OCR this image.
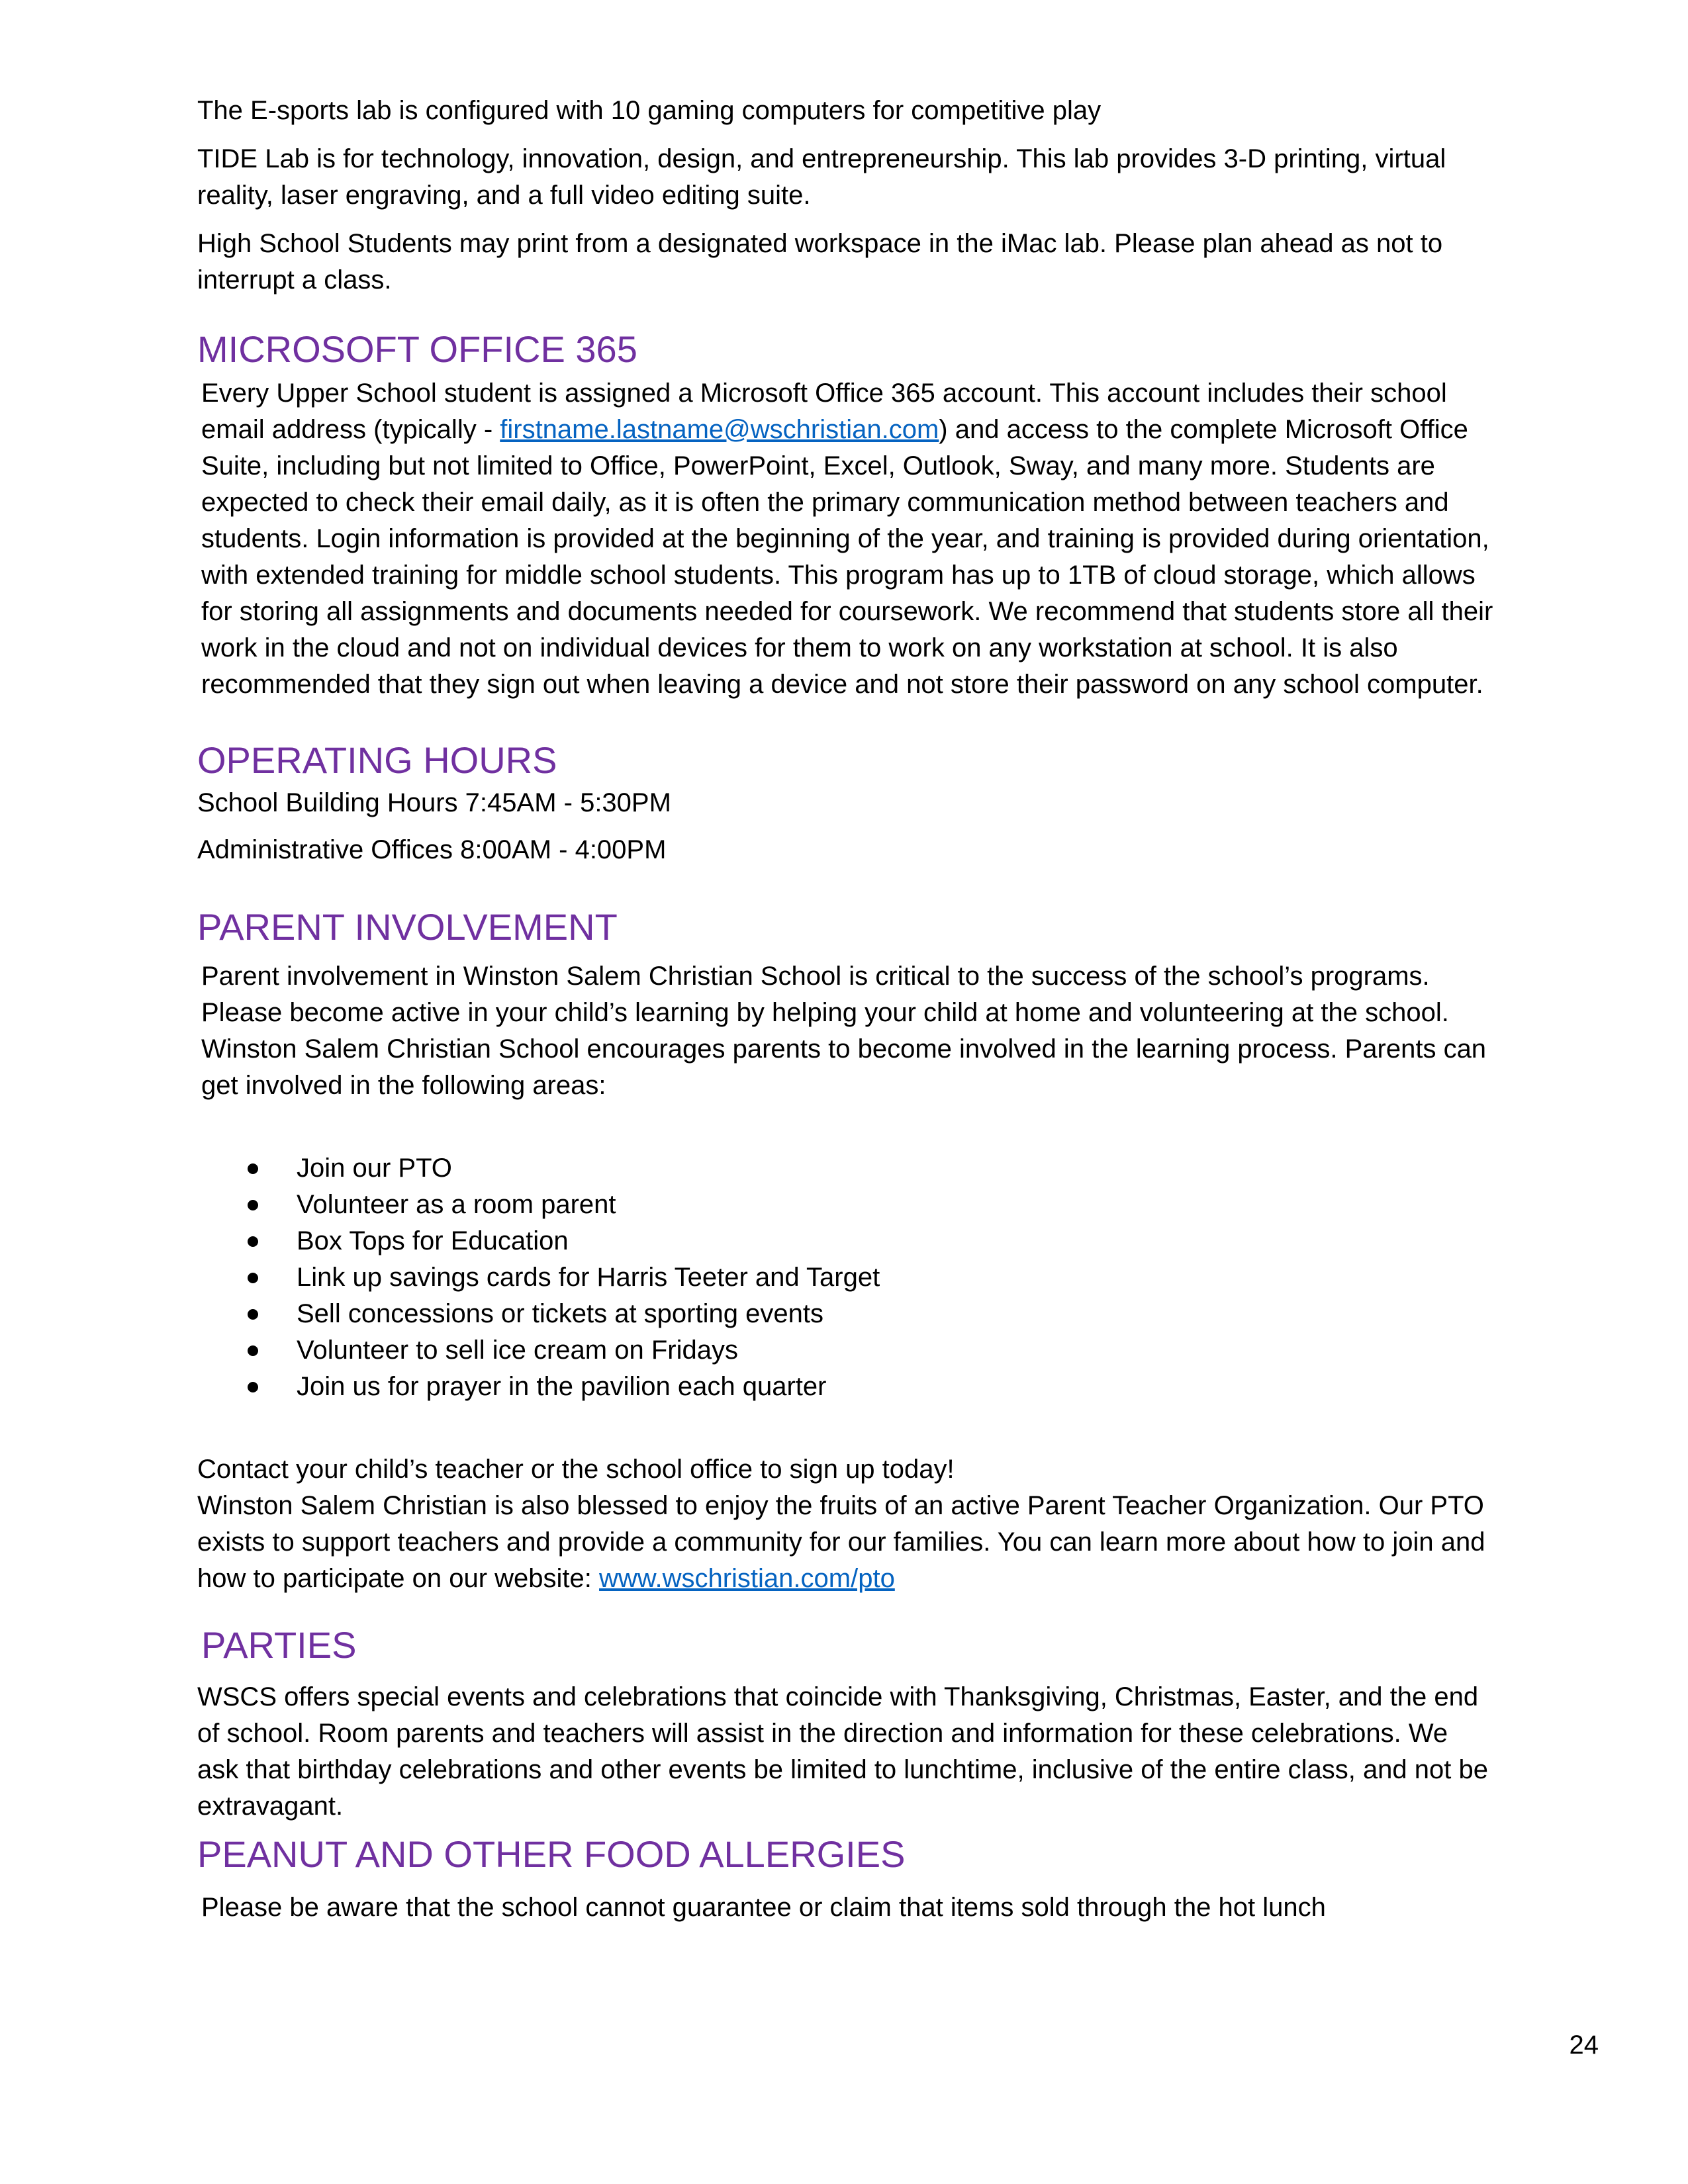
The E-sports lab is configured with 10 gaming computers for competitive play

TIDE Lab is for technology, innovation, design, and entrepreneurship. This lab provides 3-D printing, virtual reality, laser engraving, and a full video editing suite.

High School Students may print from a designated workspace in the iMac lab. Please plan ahead as not to interrupt a class.

MICROSOFT OFFICE 365

Every Upper School student is assigned a Microsoft Office 365 account. This account includes their school email address (typically - firstname.lastname@wschristian.com) and access to the complete Microsoft Office Suite, including but not limited to Office, PowerPoint, Excel, Outlook, Sway, and many more. Students are expected to check their email daily, as it is often the primary communication method between teachers and students. Login information is provided at the beginning of the year, and training is provided during orientation, with extended training for middle school students. This program has up to 1TB of cloud storage, which allows for storing all assignments and documents needed for coursework. We recommend that students store all their work in the cloud and not on individual devices for them to work on any workstation at school. It is also recommended that they sign out when leaving a device and not store their password on any school computer.

OPERATING HOURS

School Building Hours 7:45AM - 5:30PM

Administrative Offices 8:00AM - 4:00PM

PARENT INVOLVEMENT

Parent involvement in Winston Salem Christian School is critical to the success of the school’s programs. Please become active in your child’s learning by helping your child at home and volunteering at the school. Winston Salem Christian School encourages parents to become involved in the learning process. Parents can get involved in the following areas:

Join our PTO
Volunteer as a room parent
Box Tops for Education
Link up savings cards for Harris Teeter and Target
Sell concessions or tickets at sporting events
Volunteer to sell ice cream on Fridays
Join us for prayer in the pavilion each quarter

Contact your child’s teacher or the school office to sign up today!

Winston Salem Christian is also blessed to enjoy the fruits of an active Parent Teacher Organization. Our PTO exists to support teachers and provide a community for our families. You can learn more about how to join and how to participate on our website: www.wschristian.com/pto

PARTIES

WSCS offers special events and celebrations that coincide with Thanksgiving, Christmas, Easter, and the end of school. Room parents and teachers will assist in the direction and information for these celebrations. We ask that birthday celebrations and other events be limited to lunchtime, inclusive of the entire class, and not be extravagant.

PEANUT AND OTHER FOOD ALLERGIES

Please be aware that the school cannot guarantee or claim that items sold through the hot lunch

24
